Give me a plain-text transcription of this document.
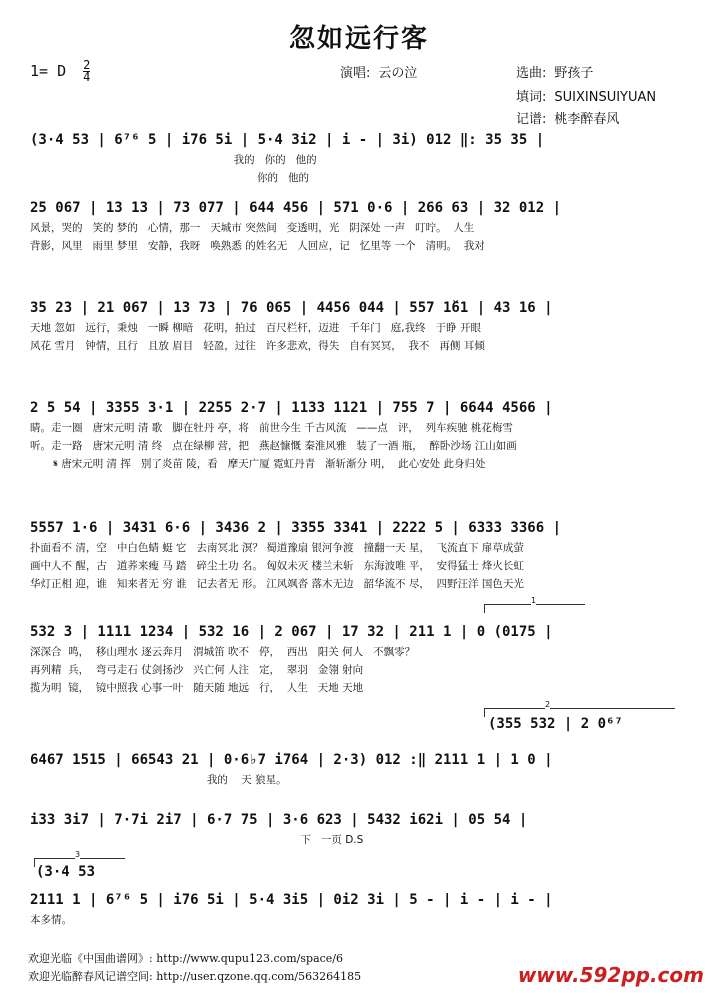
忽如远行客
1= D $\frac{2}{4}$	演唱: 云の泣	选曲: 野孩子
填词: SUIXINSUIYUAN
记谱: 桃李醉春风
(3·4 53 | 6⁷⁶ 5 | i76 5i | 5·4 3i2 | i - | 3i) 012 ‖: 35 35 |
我的   你的   他的
你的   他的
25 067 | 13 13 | 73 077 | 644 456 | 571 0·6 | 266 63 | 32 012 |
风景，哭的   笑的 梦的   心情，那一   天城市 突然间   变透明，光   阴深处 一声   叮咛。  人生
背影，风里   雨里 梦里   安静，我呀   唤熟悉 的姓名无   人回应，记   忆里等 一个   清明。  我对
35 23 | 21 067 | 13 73 | 76 065 | 4456 044 | 557 1̌61 | 43 16 |
天地 忽如   远行，秉烛   一瞬 柳暗   花明，拍过   百尺栏杆，迈进   千年门   庭,我终   于睁 开眼
风花 雪月   钟情，且行   且放 眉目   轻盈，过往   许多悲欢，得失   自有冥冥，  我不   再侧 耳倾
2 5 54 | 3355 3·1 | 2255 2·7 | 1133 1121 | 755 7 | 6644 4566 |
睛。走一圈   唐宋元明 清 歌   脚在牡丹 亭，将   前世今生 千古风流   ——点   评，  列车疾驰 桃花梅雪
听。走一路   唐宋元明 清 终   点在绿柳 营，把   燕赵慷慨 秦淮风雅   装了一酒 瓶，  醉卧沙场 江山如画
𝄋 唐宋元明 清 挥   别了炎苗 陵，看   摩天广厦 霓虹丹青   渐斩渐分 明，  此心安处 此身归处
5557 1·6 | 3431 6·6 | 3436 2 | 3355 3341 | 2222 5 | 6333 3366 |
扑面看不 清，空   中白色蜻 蜓 它   去南冥北 溟？ 蜀道豫扇 银河争渡   撞翻一天 星，  飞流直下 扉草成萤
画中人不 醒，古   道荞来瘦 马 踏   碎尘土功 名。 匈奴未灭 楼兰未斩   东海波唯 平，  安得猛士 烽火长虹
华灯正相 迎，谁   知来者无 穷 谁   记去者无 形。 江风飒沓 落木无边   韶华流不 尽，  四野汪洋 国色天光
532 3 | 1111 1234 | 532 16 | 2 067 | 17 32 | 211 1 | 0 (0175 |
深深合  鸣，  移山理水 逐云奔月   渭城笛 吹不   停，  西出   阳关 何人   不飘零？
再列精  兵，  弯弓走石 仗剑扬沙   兴亡何 人注   定，  翠羽   金翎 射向
揽为明  镜，  镜中照我 心事一叶   随天随 地远   行，  人生   天地 天地
6467 1515 | 66543 21 | 0·6♭7 i764 | 2·3) 012 :‖ 2111 1 | 1 0 |
我的    天 狼星。
i33 3i7 | 7·7i 2i7 | 6·7 75 | 3·6 623 | 5432 i62i | 05 54 |
下   一页 D.S
2111 1 | 6⁷⁶ 5 | i76 5i | 5·4 3i5 | 0i2 3i | 5 - | i - | i - |
本多情。
1
2
3
(3·4 53
(355 532 | 2 0⁶⁷
欢迎光临《中国曲谱网》: http://www.qupu123.com/space/6
欢迎光临醉春风记谱空间: http://user.qzone.qq.com/563264185	www.592pp.com
